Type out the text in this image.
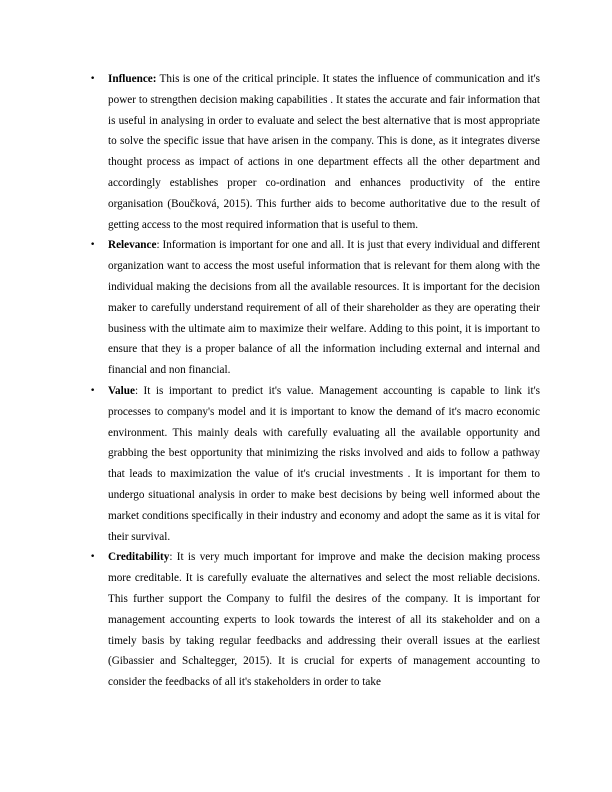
• Influence: This is one of the critical principle. It states the influence of communication and it's power to strengthen decision making capabilities . It states the accurate and fair information that is useful in analysing in order to evaluate and select the best alternative that is most appropriate to solve the specific issue that have arisen in the company. This is done, as it integrates diverse thought process as impact of actions in one department effects all the other department and accordingly establishes proper co-ordination and enhances productivity of the entire organisation (Boučková, 2015). This further aids to become authoritative due to the result of getting access to the most required information that is useful to them.
• Relevance: Information is important for one and all. It is just that every individual and different organization want to access the most useful information that is relevant for them along with the individual making the decisions from all the available resources. It is important for the decision maker to carefully understand requirement of all of their shareholder as they are operating their business with the ultimate aim to maximize their welfare. Adding to this point, it is important to ensure that they is a proper balance of all the information including external and internal and financial and non financial.
• Value: It is important to predict it's value. Management accounting is capable to link it's processes to company's model and it is important to know the demand of it's macro economic environment. This mainly deals with carefully evaluating all the available opportunity and grabbing the best opportunity that minimizing the risks involved and aids to follow a pathway that leads to maximization the value of it's crucial investments . It is important for them to undergo situational analysis in order to make best decisions by being well informed about the market conditions specifically in their industry and economy and adopt the same as it is vital for their survival.
• Creditability: It is very much important for improve and make the decision making process more creditable. It is carefully evaluate the alternatives and select the most reliable decisions. This further support the Company to fulfil the desires of the company. It is important for management accounting experts to look towards the interest of all its stakeholder and on a timely basis by taking regular feedbacks and addressing their overall issues at the earliest (Gibassier and Schaltegger, 2015). It is crucial for experts of management accounting to consider the feedbacks of all it's stakeholders in order to take
